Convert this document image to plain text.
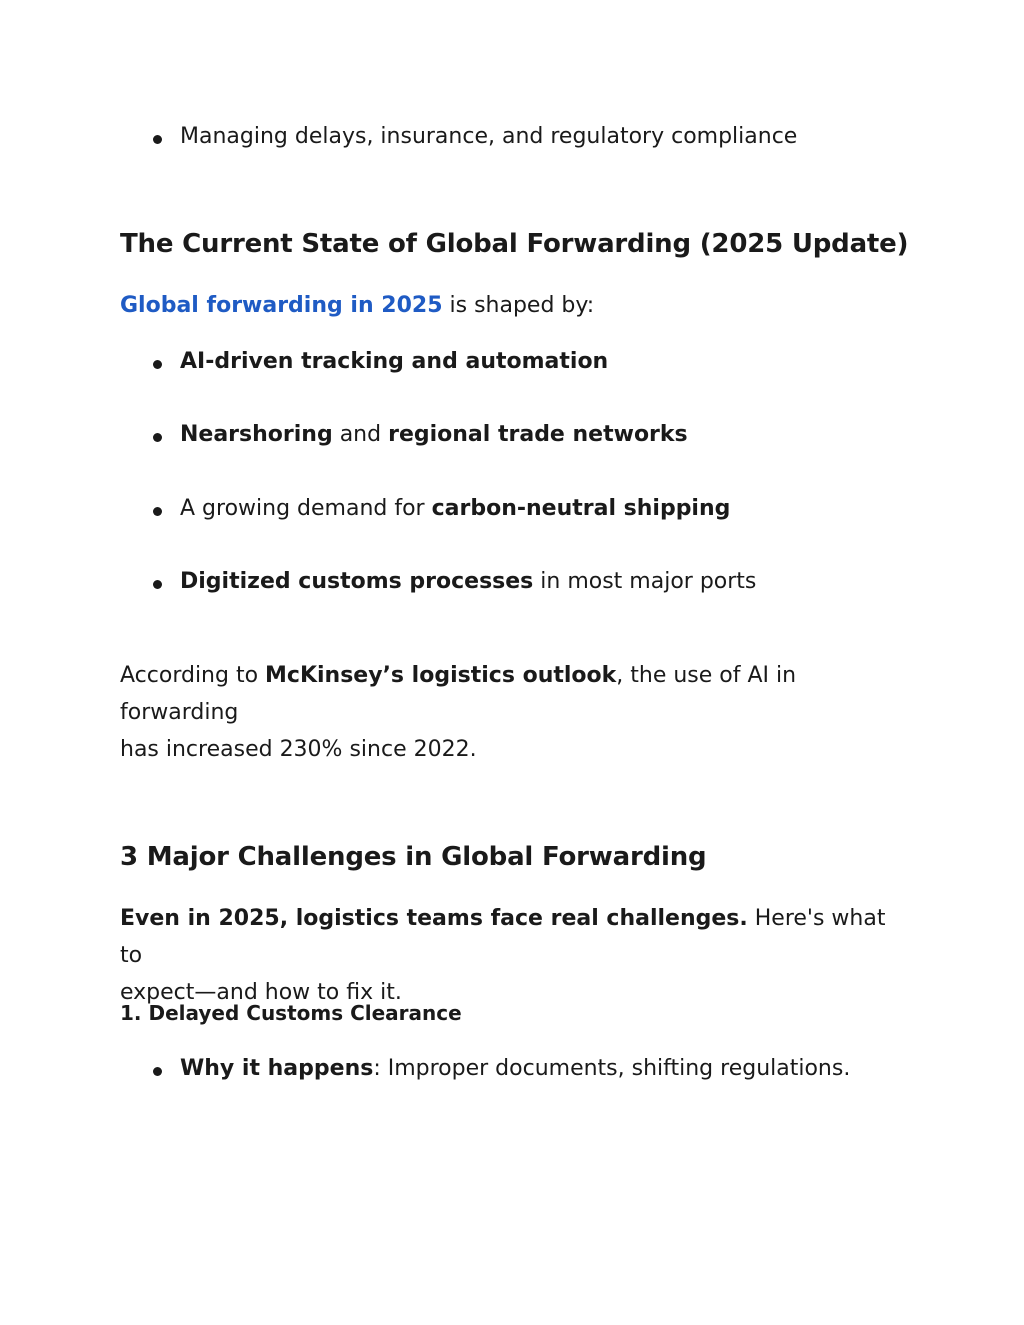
Managing delays, insurance, and regulatory compliance
The Current State of Global Forwarding (2025 Update)
Global forwarding in 2025 is shaped by:
AI-driven tracking and automation
Nearshoring and regional trade networks
A growing demand for carbon-neutral shipping
Digitized customs processes in most major ports
According to McKinsey’s logistics outlook, the use of AI in forwarding
has increased 230% since 2022.
3 Major Challenges in Global Forwarding
Even in 2025, logistics teams face real challenges. Here's what to
expect—and how to fix it.
1. Delayed Customs Clearance
Why it happens: Improper documents, shifting regulations.
